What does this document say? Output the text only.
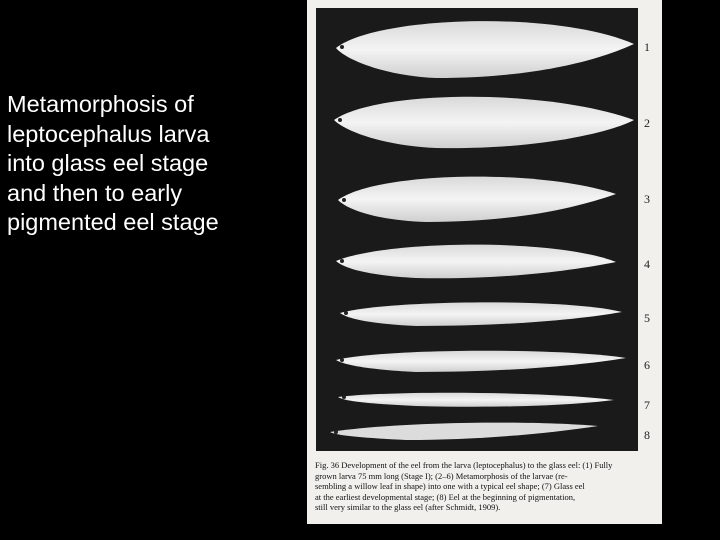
Metamorphosis of
leptocephalus larva
into glass eel stage
and then to early
pigmented eel stage
1
2
3
4
5
6
7
8
Fig. 36 Development of the eel from the larva (leptocephalus) to the glass eel: (1) Fully
grown larva 75 mm long (Stage I); (2–6) Metamorphosis of the larvae (re-
sembling a willow leaf in shape) into one with a typical eel shape; (7) Glass eel
at the earliest developmental stage; (8) Eel at the beginning of pigmentation,
still very similar to the glass eel (after Schmidt, 1909).
